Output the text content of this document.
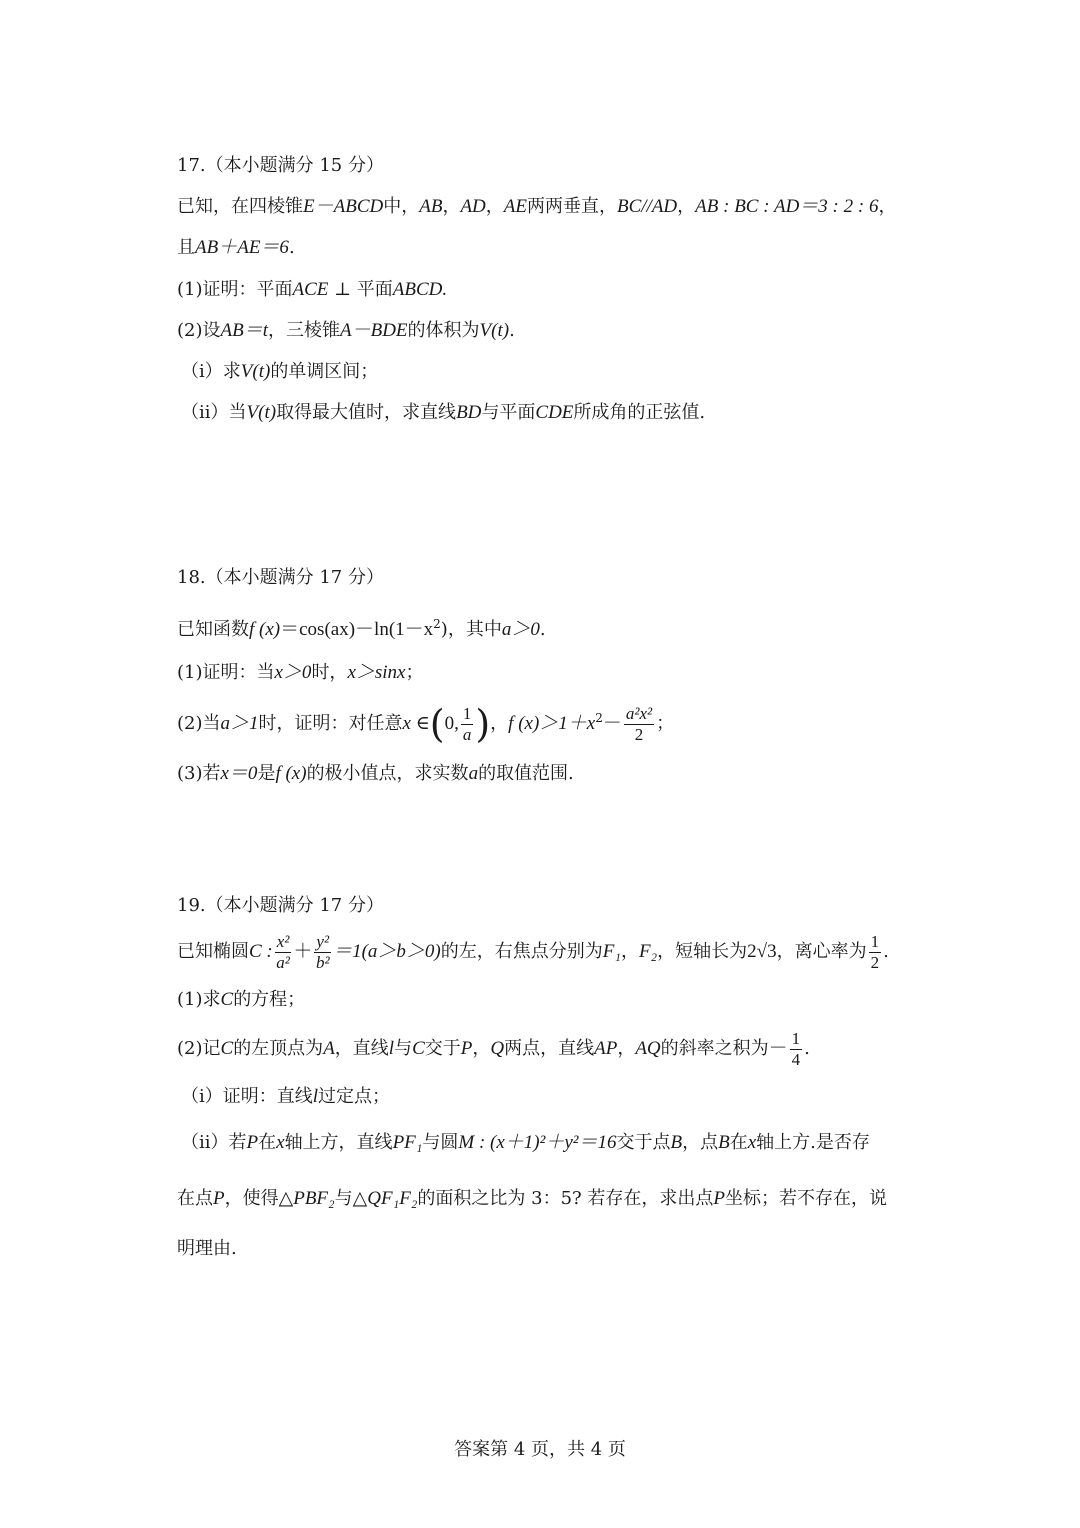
17.（本小题满分 15 分）
已知，在四棱锥E－ABCD中，AB，AD，AE两两垂直，BC//AD，AB : BC : AD＝3 : 2 : 6，
且AB＋AE＝6.
(1)证明：平面ACE ⊥ 平面ABCD.
(2)设AB＝t，三棱锥A－BDE的体积为V(t).
（i）求V(t)的单调区间；
（ii）当V(t)取得最大值时，求直线BD与平面CDE所成角的正弦值.
18.（本小题满分 17 分）
已知函数f $(x)=\cos(ax)-\ln(1-x^2)$，其中a＞0.
(1)证明：当x＞0时，x＞sinx；
(2)当a＞1时，证明：对任意x ∈(0, $\frac{1}{a}$ )，f $(x)>1+x^2- \frac{\text{a²x²}}{2}$ ；
(3)若x＝0是f (x)的极小值点，求实数a的取值范围.
19.（本小题满分 17 分）
已知椭圆C : $\frac{\text{x²}}{\text{a²}} + \frac{\text{y²}}{\text{b²}} =1(a>b>0)$的左，右焦点分别为F₁，F₂，短轴长为2√3，离心率为 $\frac{1}{2}$ .
(1)求C的方程；
(2)记C的左顶点为A，直线l与C交于P，Q两点，直线AP，AQ的斜率之积为－ $\frac{1}{4}$ .
（i）证明：直线l过定点；
（ii）若P在x轴上方，直线PF₁与圆M : (x＋1)²＋y²＝16交于点B，点B在x轴上方.是否存
在点P，使得△PBF₂与△QF₁F₂的面积之比为 3：5? 若存在，求出点P坐标；若不存在，说
明理由.
答案第 4 页，共 4 页
